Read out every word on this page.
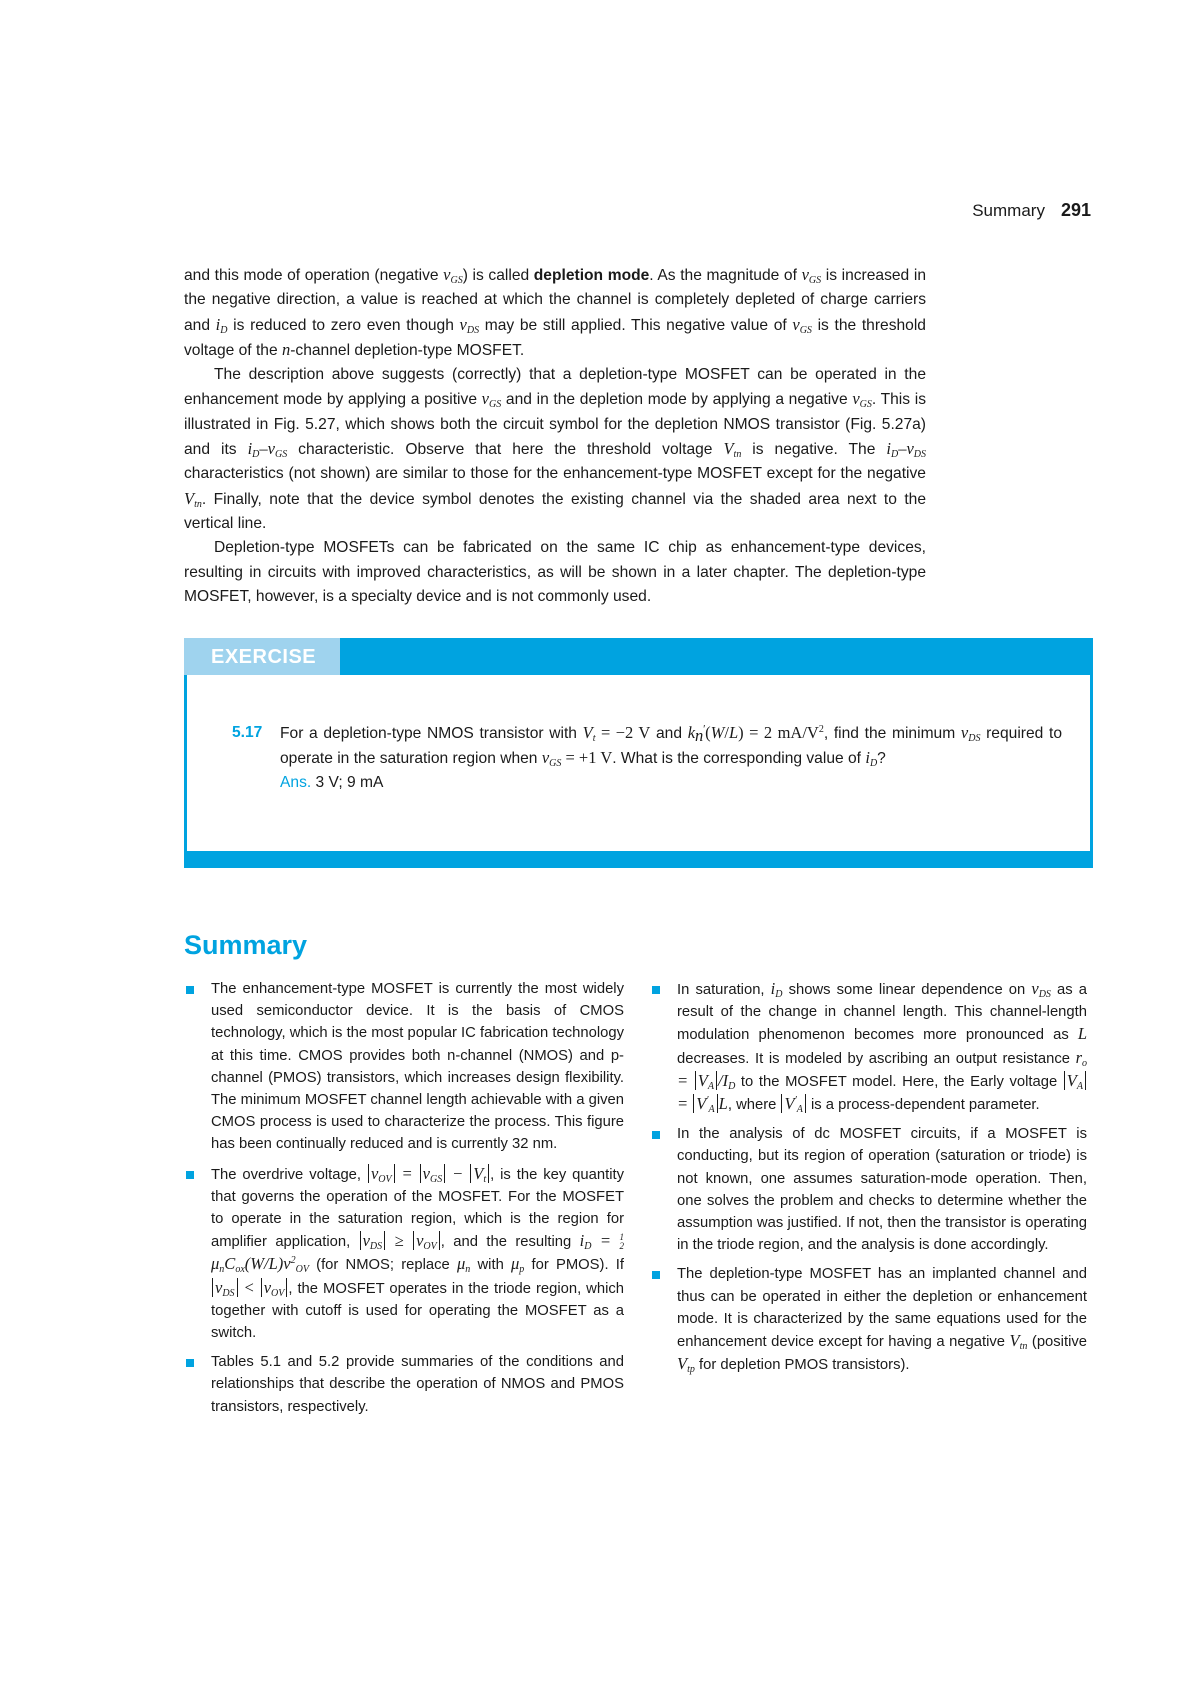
Summary 291

and this mode of operation (negative $v_{GS}$) is called depletion mode. As the magnitude of $v_{GS}$ is increased in the negative direction, a value is reached at which the channel is completely depleted of charge carriers and $i_D$ is reduced to zero even though $v_{DS}$ may be still applied. This negative value of $v_{GS}$ is the threshold voltage of the n-channel depletion-type MOSFET.

The description above suggests (correctly) that a depletion-type MOSFET can be operated in the enhancement mode by applying a positive $v_{GS}$ and in the depletion mode by applying a negative $v_{GS}$. This is illustrated in Fig. 5.27, which shows both the circuit symbol for the depletion NMOS transistor (Fig. 5.27a) and its $i_D-v_{GS}$ characteristic. Observe that here the threshold voltage $V_{tn}$ is negative. The $i_D-v_{DS}$ characteristics (not shown) are similar to those for the enhancement-type MOSFET except for the negative $V_{tn}$. Finally, note that the device symbol denotes the existing channel via the shaded area next to the vertical line.

Depletion-type MOSFETs can be fabricated on the same IC chip as enhancement-type devices, resulting in circuits with improved characteristics, as will be shown in a later chapter. The depletion-type MOSFET, however, is a specialty device and is not commonly used.

EXERCISE
5.17 For a depletion-type NMOS transistor with $V_t = -2$ V and $k_n'(W/L) = 2$ $mA/V^2$, find the minimum $v_{DS}$ required to operate in the saturation region when $v_{GS} = +1$ V. What is the corresponding value of $i_D$?
Ans. 3 V; 9 mA
Summary
The enhancement-type MOSFET is currently the most widely used semiconductor device. It is the basis of CMOS technology, which is the most popular IC fabrication technology at this time. CMOS provides both n-channel (NMOS) and p-channel (PMOS) transistors, which increases design flexibility. The minimum MOSFET channel length achievable with a given CMOS process is used to characterize the process. This figure has been continually reduced and is currently 32 nm.
The overdrive voltage, $v_{OV} = v_{GS} - V_t$ , is the key quantity that governs the operation of the MOSFET. For the MOSFET to operate in the saturation region, which is the region for amplifier application, $v_{DS} \ge v_{OV}$ , and the resulting $i_D = 1$
$2\mu_nC_{ox}(W/L)v^2_{OV}$ (for NMOS; replace $\mu_n$ with $\mu_p$ for PMOS). If $v_{DS} < v_{OV}$ , the MOSFET operates in the triode region, which together with cutoff is used for operating the MOSFET as a switch.
Tables 5.1 and 5.2 provide summaries of the conditions and relationships that describe the operation of NMOS and PMOS transistors, respectively.
In saturation, $i_D$ shows some linear dependence on $v_{DS}$ as a result of the change in channel length. This channel-length modulation phenomenon becomes more pronounced as L decreases. It is modeled by ascribing an output resistance $r_o = V_A$ $/I_D$ to the MOSFET model. Here, the Early voltage $V_A = V'_A$ L, where $V'_A$ is a process-dependent parameter.
In the analysis of dc MOSFET circuits, if a MOSFET is conducting, but its region of operation (saturation or triode) is not known, one assumes saturation-mode operation. Then, one solves the problem and checks to determine whether the assumption was justified. If not, then the transistor is operating in the triode region, and the analysis is done accordingly.
The depletion-type MOSFET has an implanted channel and thus can be operated in either the depletion or enhancement mode. It is characterized by the same equations used for the enhancement device except for having a negative $V_{tn}$ (positive $V_{tp}$ for depletion PMOS transistors).
